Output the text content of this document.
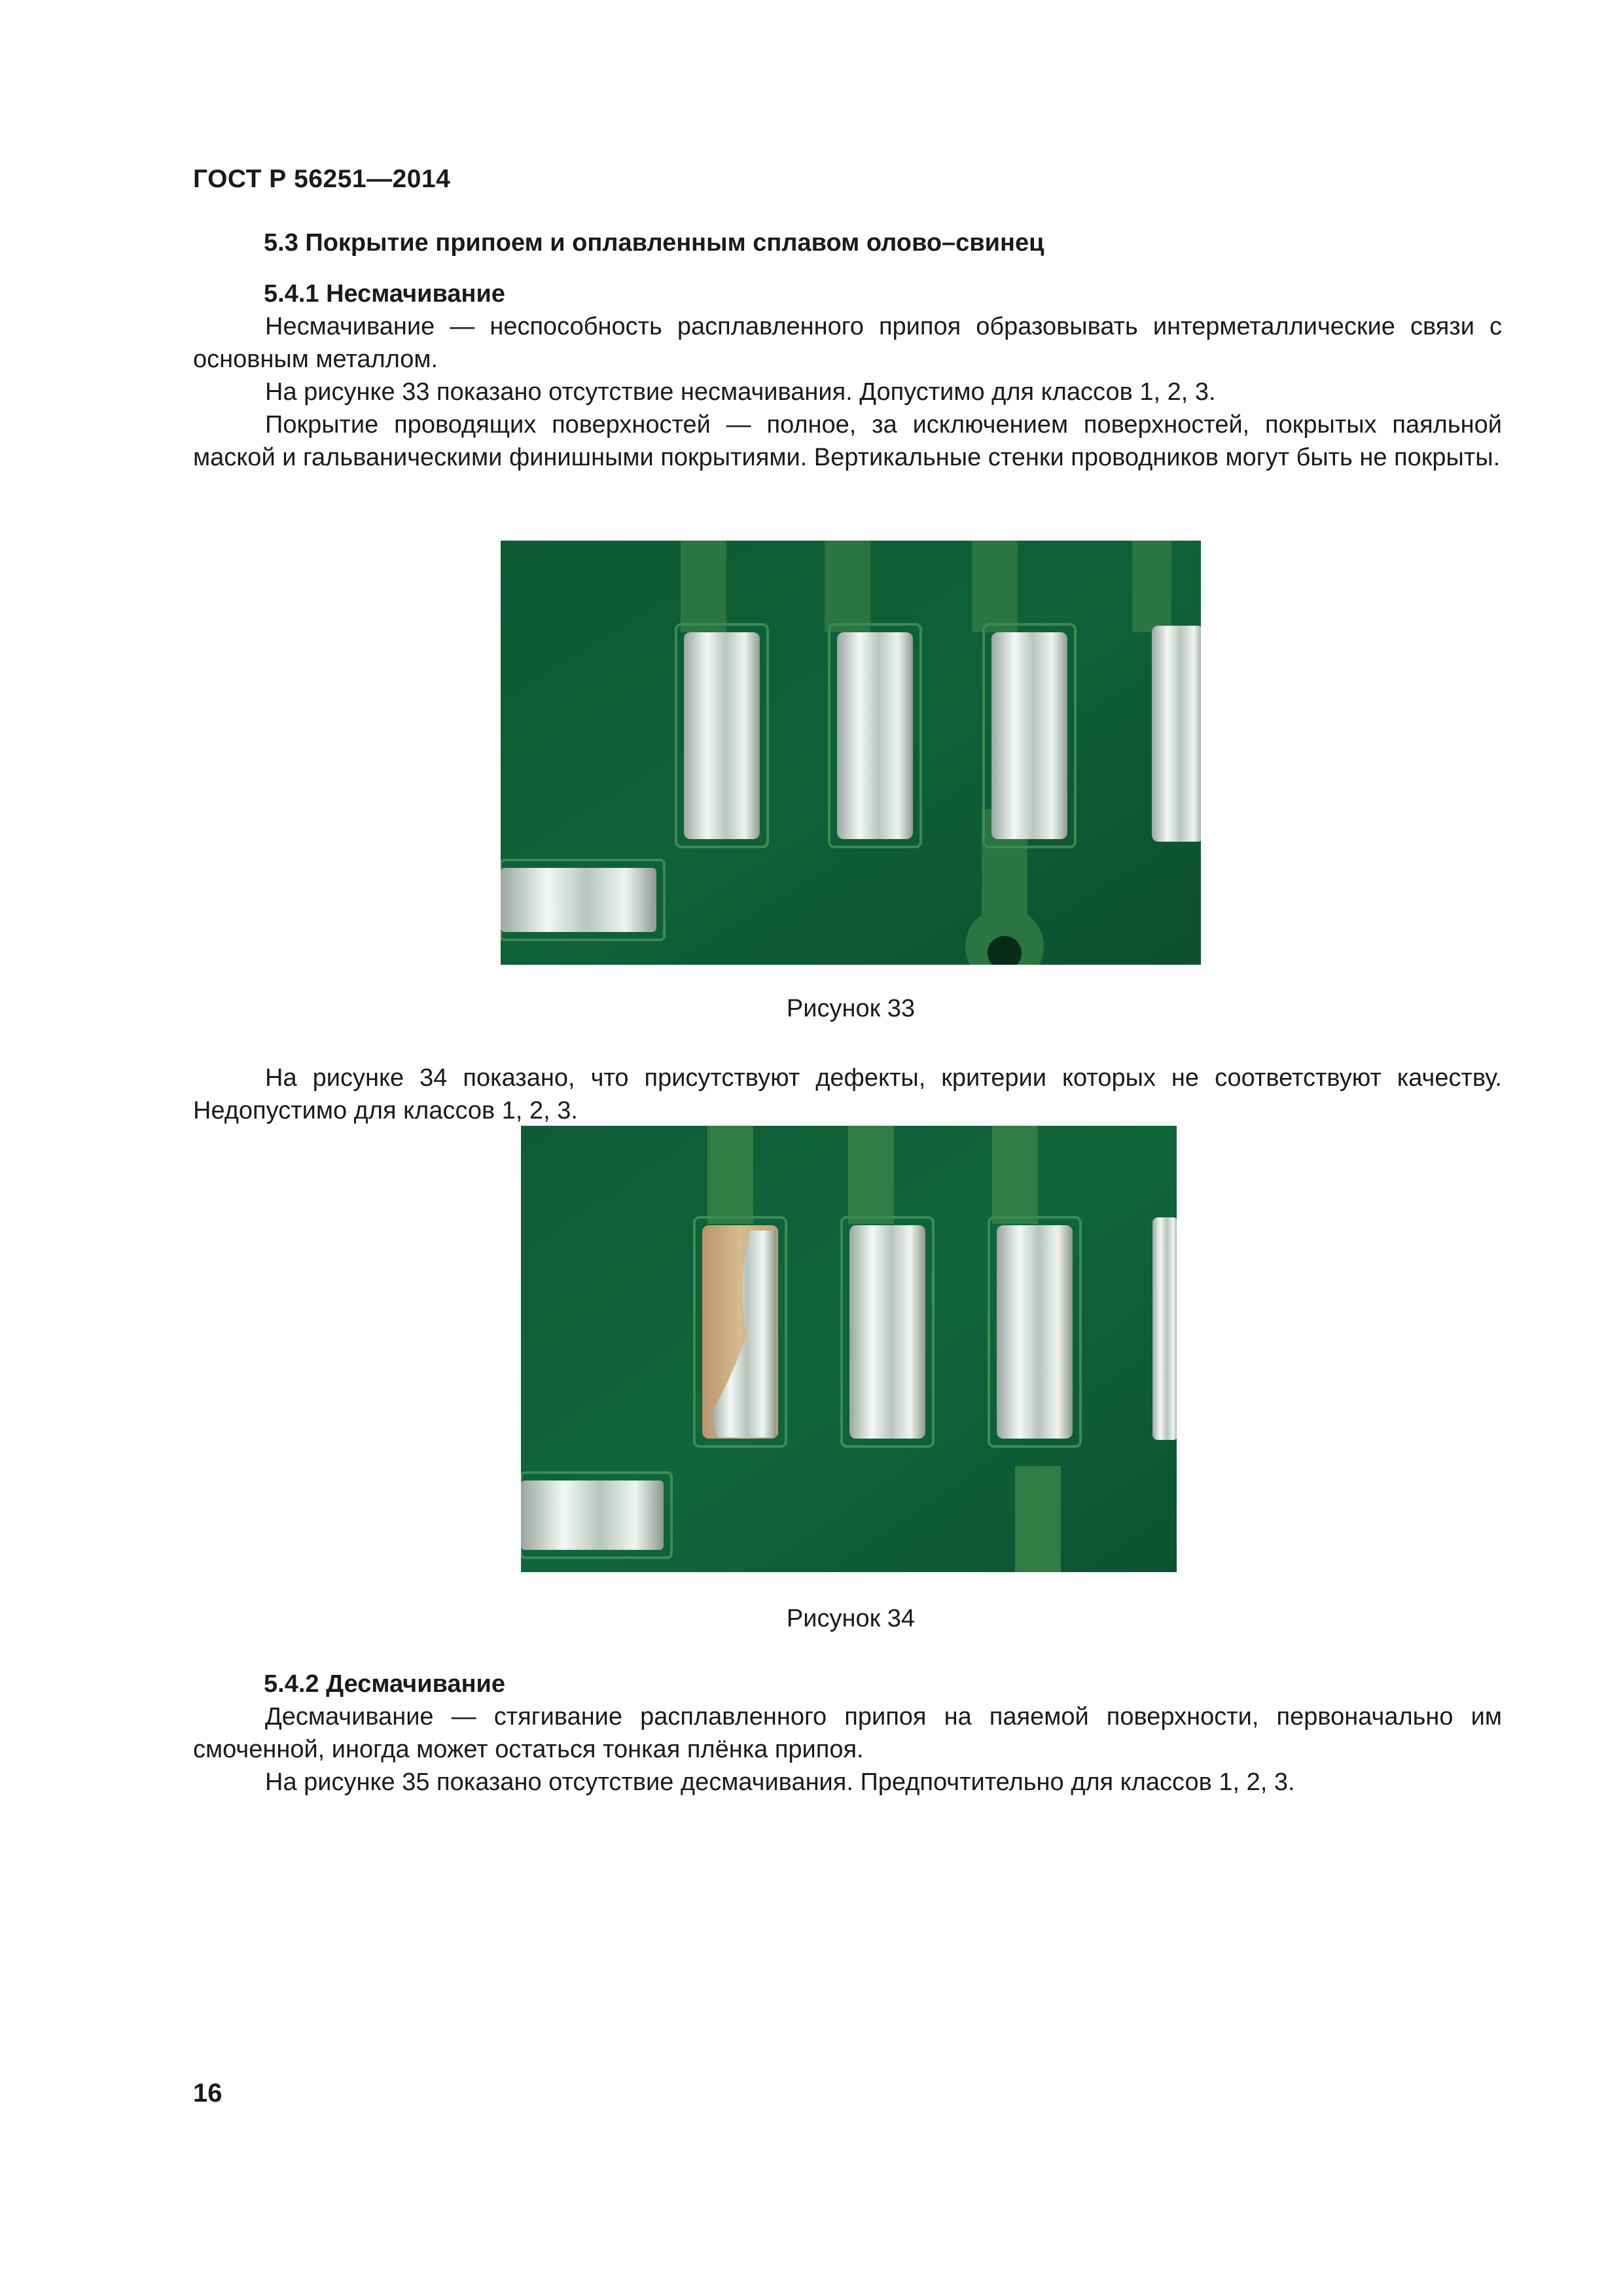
ГОСТ Р 56251—2014
5.3 Покрытие припоем и оплавленным сплавом олово–свинец
5.4.1 Несмачивание

Несмачивание — неспособность расплавленного припоя образовывать интерметаллические связи с основным металлом.

На рисунке 33 показано отсутствие несмачивания. Допустимо для классов 1, 2, 3.

Покрытие проводящих поверхностей — полное, за исключением поверхностей, покрытых паяльной маской и гальваническими финишными покрытиями. Вертикальные стенки проводников могут быть не покрыты.

Рисунок 33

На рисунке 34 показано, что присутствуют дефекты, критерии которых не соответствуют качеству. Недопустимо для классов 1, 2, 3.

Рисунок 34
5.4.2 Десмачивание

Десмачивание — стягивание расплавленного припоя на паяемой поверхности, первоначально им смоченной, иногда может остаться тонкая плёнка припоя.

На рисунке 35 показано отсутствие десмачивания. Предпочтительно для классов 1, 2, 3.

16
